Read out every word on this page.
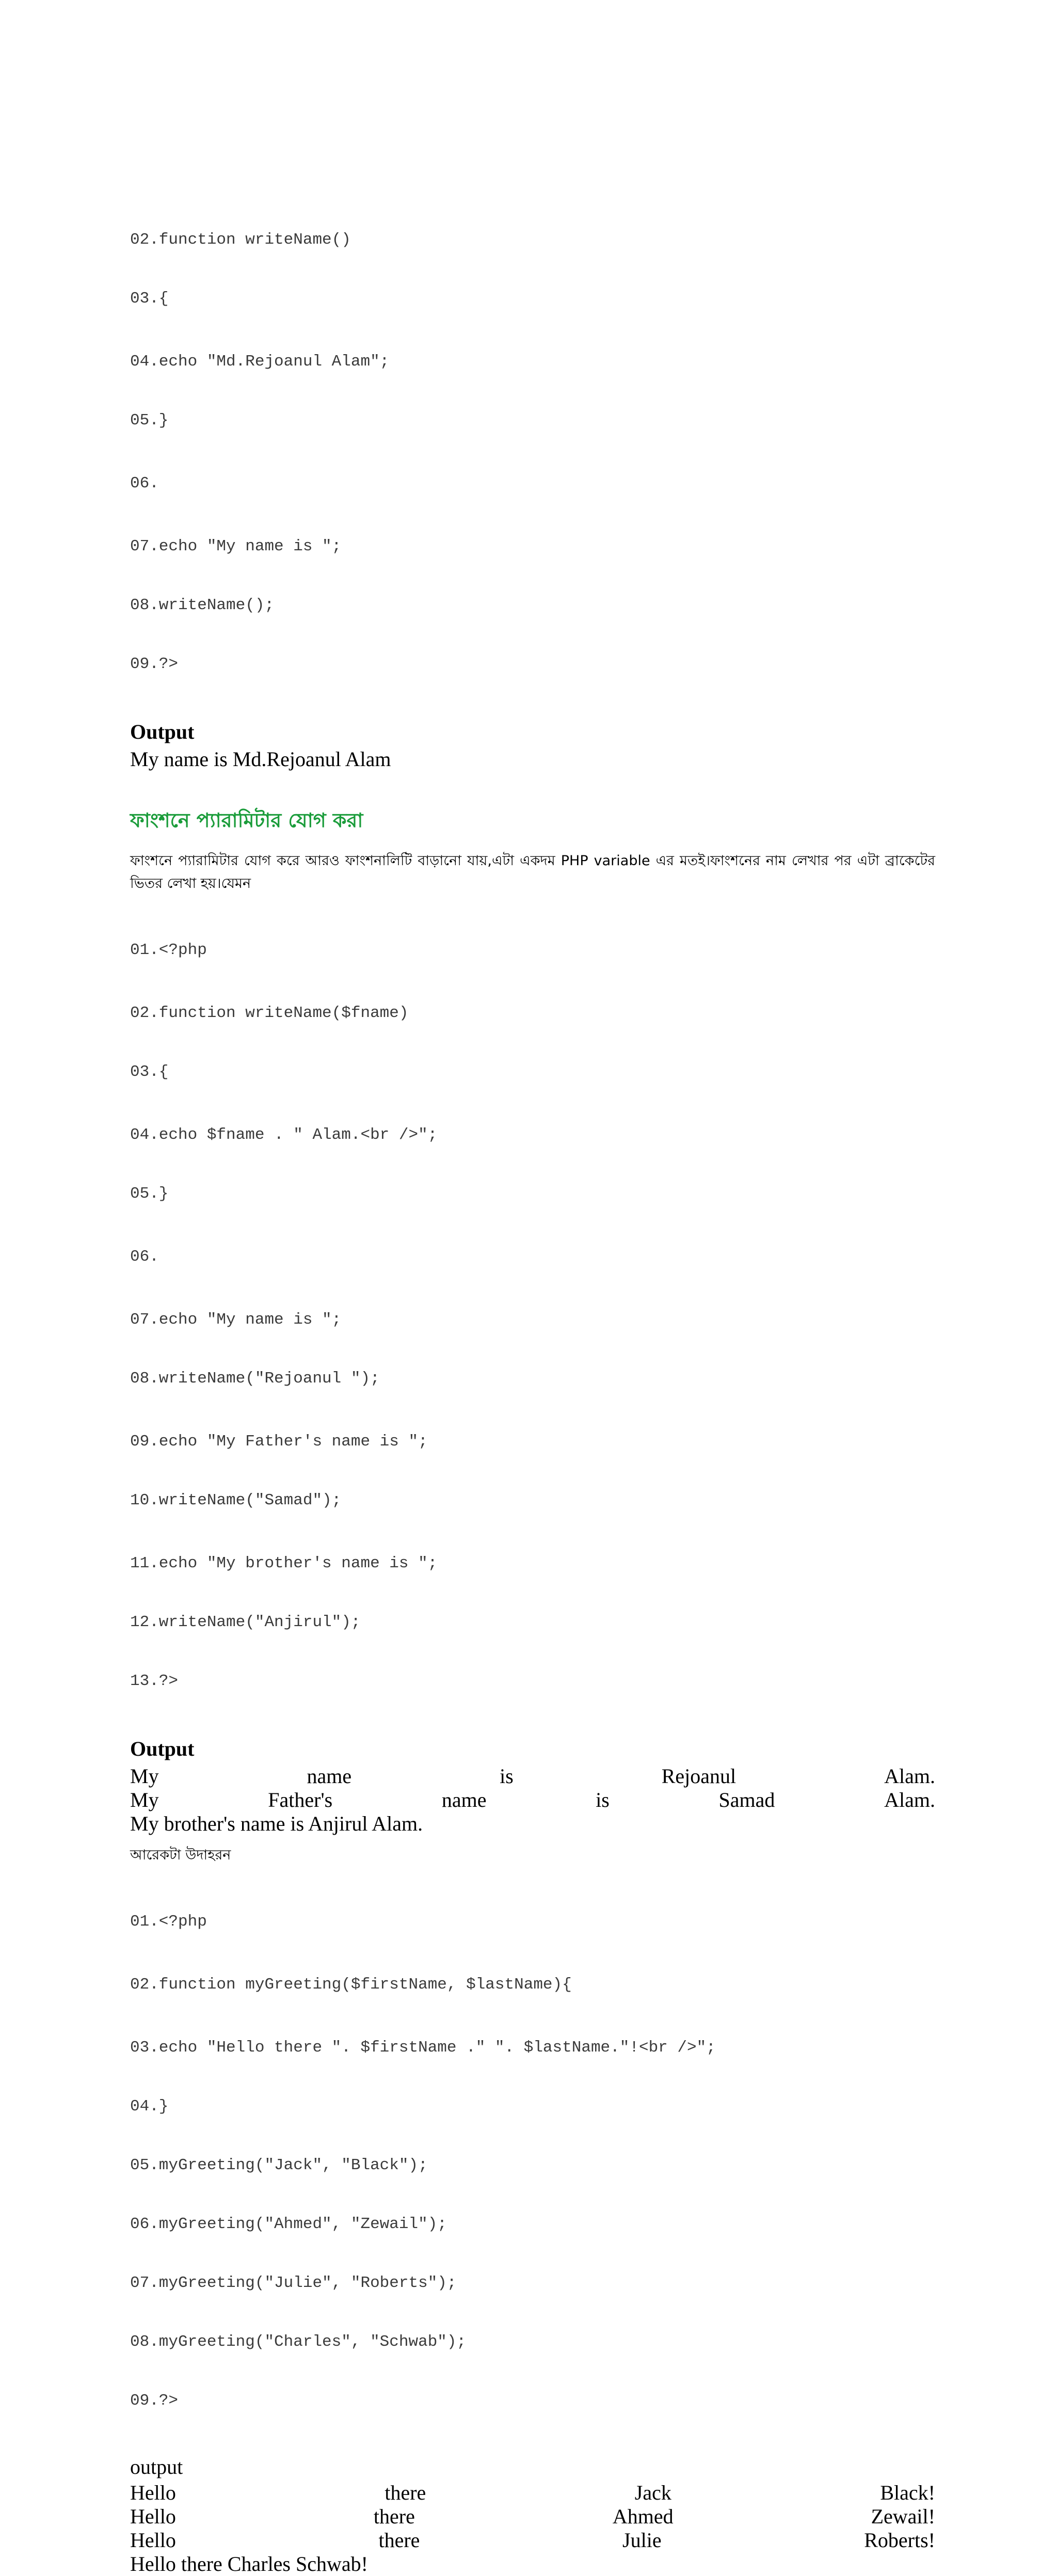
02.function writeName()

03.{

04.echo "Md.Rejoanul Alam";

05.}

06.

07.echo "My name is ";

08.writeName();

09.?>

Output
My name is Md.Rejoanul Alam
ফাংশনে প্যারামিটার যোগ করা
ফাংশনে প্যারামিটার যোগ করে আরও ফাংশনালিটি বাড়ানো যায়,এটা একদম PHP variable এর মতই।ফাংশনের নাম লেখার পর এটা ব্রাকেটের ভিতর লেখা হয়।যেমন

01.<?php

02.function writeName($fname)

03.{

04.echo $fname . " Alam.<br />";

05.}

06.

07.echo "My name is ";

08.writeName("Rejoanul ");

09.echo "My Father's name is ";

10.writeName("Samad");

11.echo "My brother's name is ";

12.writeName("Anjirul");

13.?>

Output
My	name	is	Rejoanul	Alam.
My	Father's	name	is	Samad	Alam.
My brother's name is Anjirul Alam.
আরেকটা উদাহরন

01.<?php

02.function myGreeting($firstName, $lastName){

03.echo "Hello there ". $firstName ." ". $lastName."!<br />";

04.}

05.myGreeting("Jack", "Black");

06.myGreeting("Ahmed", "Zewail");

07.myGreeting("Julie", "Roberts");

08.myGreeting("Charles", "Schwab");

09.?>

output
Hello	there	Jack	Black!
Hello	there	Ahmed	Zewail!
Hello	there	Julie	Roberts!
Hello there Charles Schwab!
